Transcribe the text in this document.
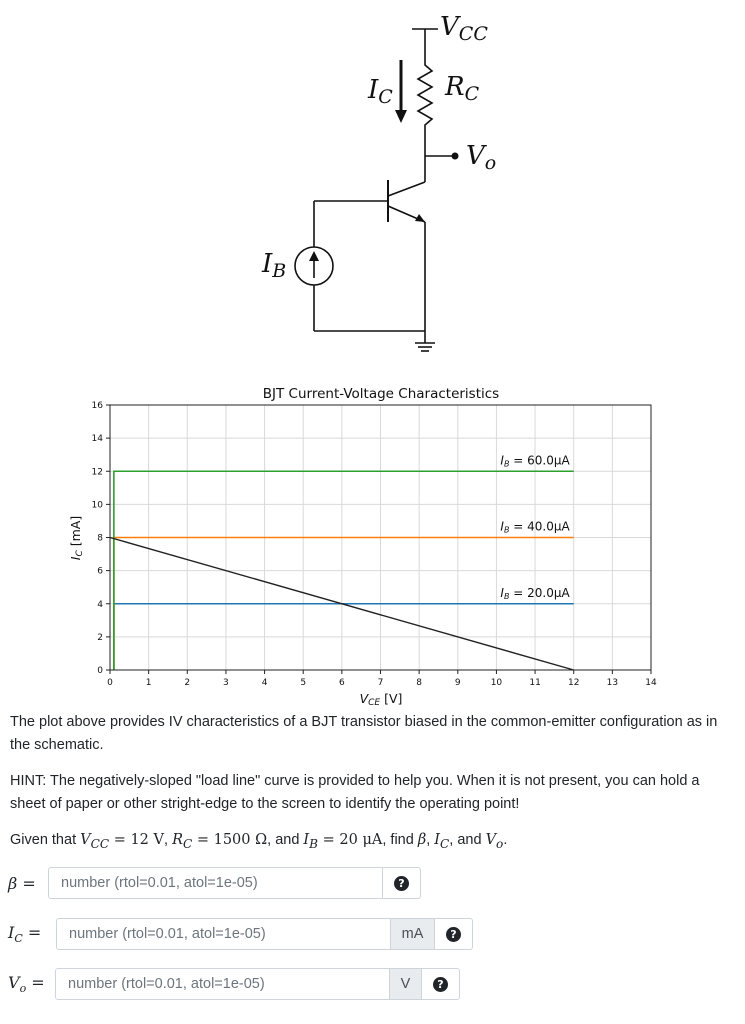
VCC
RC
IC
Vo
IB
BJT Current-Voltage Characteristics
IB = 20.0μA
IB = 40.0μA
IB = 60.0μA
0	1	2	3	4	5	6	7	8	9	10	11	12	13	14
0
2
4
6
8
10
12
14
16
VCE [V]
IC [mA]
The plot above provides IV characteristics of a BJT transistor biased in the common-emitter configuration as in the schematic.
HINT: The negatively-sloped "load line" curve is provided to help you. When it is not present, you can hold a sheet of paper or other stright-edge to the screen to identify the operating point!
Given that $V_{CC} = 12$ V, $R_C = 1500$ Ω, and $I_B = 20$ μA, find β, $I_C$, and $V_o$.
β =
number (rtol=0.01, atol=1e-05)	?
$I_C$ =
number (rtol=0.01, atol=1e-05)	mA	?
$V_o$ =
number (rtol=0.01, atol=1e-05)	V	?
